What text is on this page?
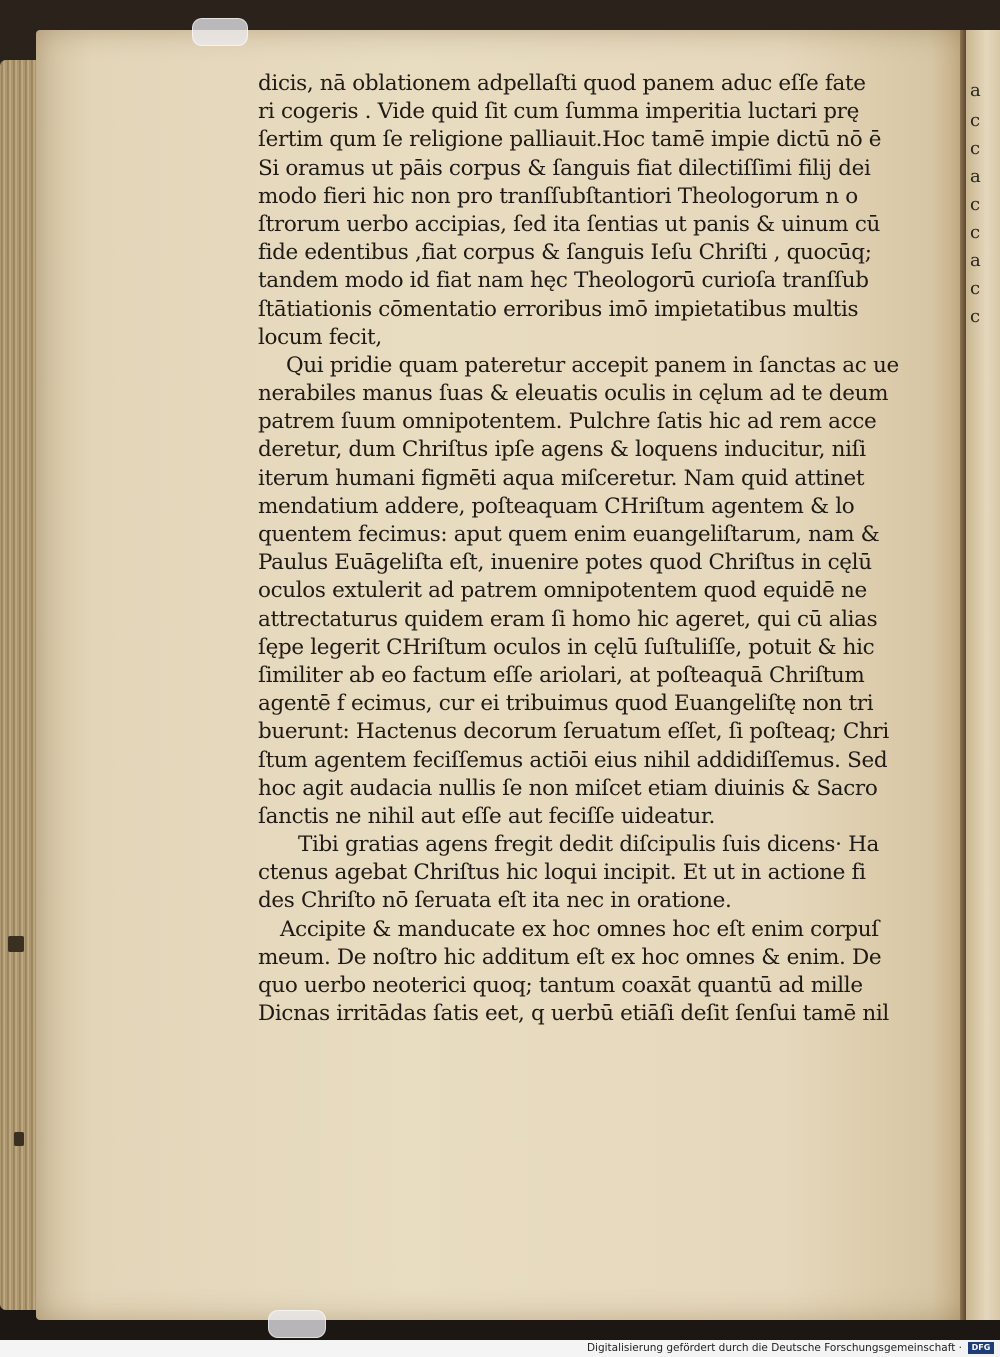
a
c
c
a
c
c
a
c
c
dicis, nā oblationem adpellaſti quod panem aduc eſſe fate
ri cogeris . Vide quid ſit cum ſumma imperitia luctari prę
ſertim qum ſe religione palliauit.Hoc tamē impie dictū nō ē
Si oramus ut pāis corpus & ſanguis fiat dilectiſſimi filij dei
modo fieri hic non pro tranſſubſtantiori Theologorum n o
ſtrorum uerbo accipias, ſed ita ſentias ut panis & uinum cū
fide edentibus ,fiat corpus & ſanguis Ieſu Chriſti , quocūq;
tandem modo id fiat nam hęc Theologorū curioſa tranſſub
ſtātiationis cōmentatio erroribus imō impietatibus multis
locum fecit,
Qui pridie quam pateretur accepit panem in ſanctas ac ue
nerabiles manus ſuas & eleuatis oculis in cęlum ad te deum
patrem ſuum omnipotentem. Pulchre ſatis hic ad rem acce
deretur, dum Chriſtus ipſe agens & loquens inducitur, niſi
iterum humani figmēti aqua miſceretur. Nam quid attinet
mendatium addere, poſteaquam CHriſtum agentem & lo
quentem fecimus: aput quem enim euangeliſtarum, nam &
Paulus Euāgeliſta eſt, inuenire potes quod Chriſtus in cęlū
oculos extulerit ad patrem omnipotentem quod equidē ne
attrectaturus quidem eram ſi homo hic ageret, qui cū alias
ſępe legerit CHriſtum oculos in cęlū ſuſtuliſſe, potuit & hic
ſimiliter ab eo factum eſſe ariolari, at poſteaquā Chriſtum
agentē f ecimus, cur ei tribuimus quod Euangeliſtę non tri
buerunt: Hactenus decorum ſeruatum eſſet, ſi poſteaq; Chri
ſtum agentem feciſſemus actiōi eius nihil addidiſſemus. Sed
hoc agit audacia nullis ſe non miſcet etiam diuinis & Sacro
ſanctis ne nihil aut eſſe aut feciſſe uideatur.
Tibi gratias agens fregit dedit diſcipulis ſuis dicens· Ha
ctenus agebat Chriſtus hic loqui incipit. Et ut in actione fi
des Chriſto nō ſeruata eſt ita nec in oratione.
Accipite & manducate ex hoc omnes hoc eſt enim corpuſ
meum. De noſtro hic additum eſt ex hoc omnes & enim. De
quo uerbo neoterici quoq; tantum coaxāt quantū ad mille
Dicnas irritādas ſatis eet, q uerbū etiāſi deſit ſenſui tamē nil
Digitalisierung gefördert durch die Deutsche Forschungsgemeinschaft · DFG
